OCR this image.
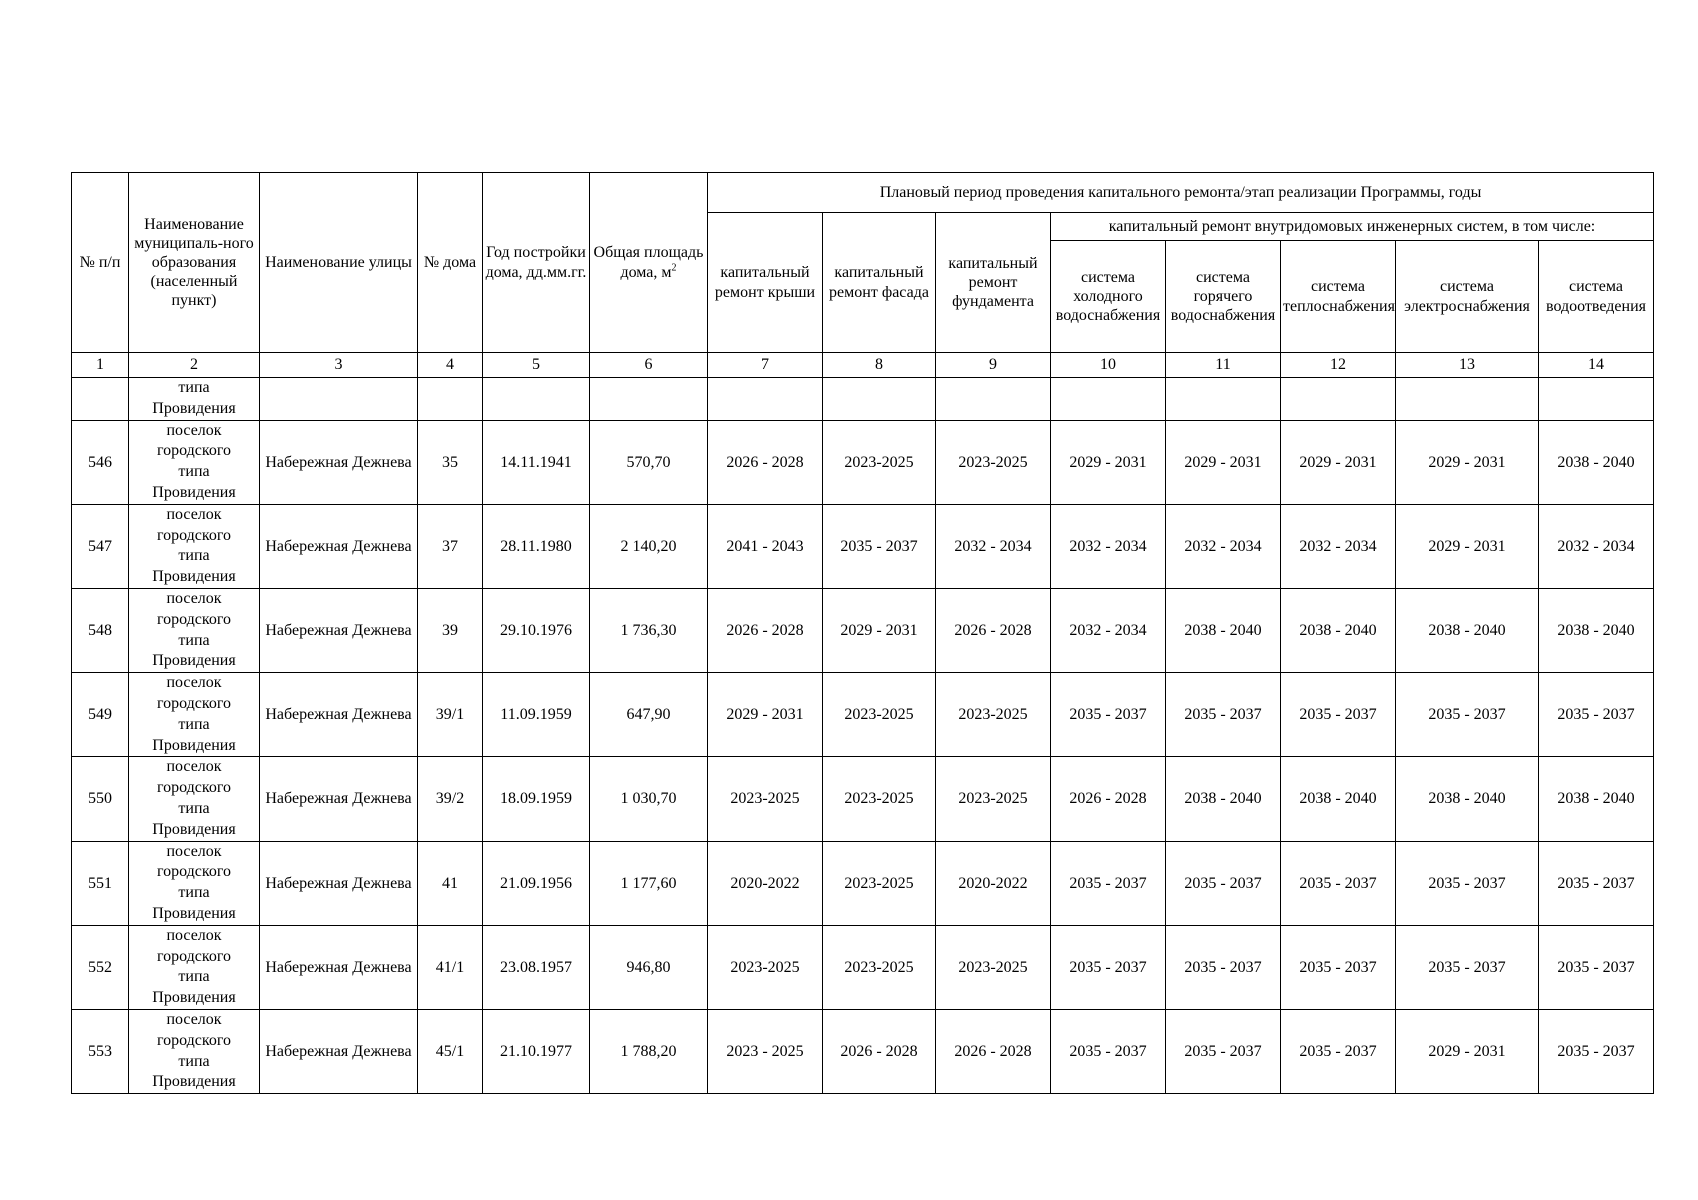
№ п/п	Наименование муниципаль-ного образования (населенный пункт)	Наименование улицы	№ дома	Год постройки дома, дд.мм.гг.	Общая площадь дома, $м^2$	Плановый период проведения капитального ремонта/этап реализации Программы, годы							
						капитальный ремонт крыши	капитальный ремонт фасада	капитальный ремонт фундамента	капитальный ремонт внутридомовых инженерных систем, в том числе:				
									система холодного водоснабжения	система горячего водоснабжения	система теплоснабжения	система электроснабжения	система водоотведения
1	2	3	4	5	6	7	8	9	10	11	12	13	14

	типа
Провидения												

546	поселок
городского
типа
Провидения	Набережная Дежнева	35	14.11.1941	570,70	2026 - 2028	2023-2025	2023-2025	2029 - 2031	2029 - 2031	2029 - 2031	2029 - 2031	2038 - 2040
547	поселок
городского
типа
Провидения	Набережная Дежнева	37	28.11.1980	2 140,20	2041 - 2043	2035 - 2037	2032 - 2034	2032 - 2034	2032 - 2034	2032 - 2034	2029 - 2031	2032 - 2034
548	поселок
городского
типа
Провидения	Набережная Дежнева	39	29.10.1976	1 736,30	2026 - 2028	2029 - 2031	2026 - 2028	2032 - 2034	2038 - 2040	2038 - 2040	2038 - 2040	2038 - 2040
549	поселок
городского
типа
Провидения	Набережная Дежнева	39/1	11.09.1959	647,90	2029 - 2031	2023-2025	2023-2025	2035 - 2037	2035 - 2037	2035 - 2037	2035 - 2037	2035 - 2037
550	поселок
городского
типа
Провидения	Набережная Дежнева	39/2	18.09.1959	1 030,70	2023-2025	2023-2025	2023-2025	2026 - 2028	2038 - 2040	2038 - 2040	2038 - 2040	2038 - 2040
551	поселок
городского
типа
Провидения	Набережная Дежнева	41	21.09.1956	1 177,60	2020-2022	2023-2025	2020-2022	2035 - 2037	2035 - 2037	2035 - 2037	2035 - 2037	2035 - 2037
552	поселок
городского
типа
Провидения	Набережная Дежнева	41/1	23.08.1957	946,80	2023-2025	2023-2025	2023-2025	2035 - 2037	2035 - 2037	2035 - 2037	2035 - 2037	2035 - 2037
553	поселок
городского
типа
Провидения	Набережная Дежнева	45/1	21.10.1977	1 788,20	2023 - 2025	2026 - 2028	2026 - 2028	2035 - 2037	2035 - 2037	2035 - 2037	2029 - 2031	2035 - 2037
